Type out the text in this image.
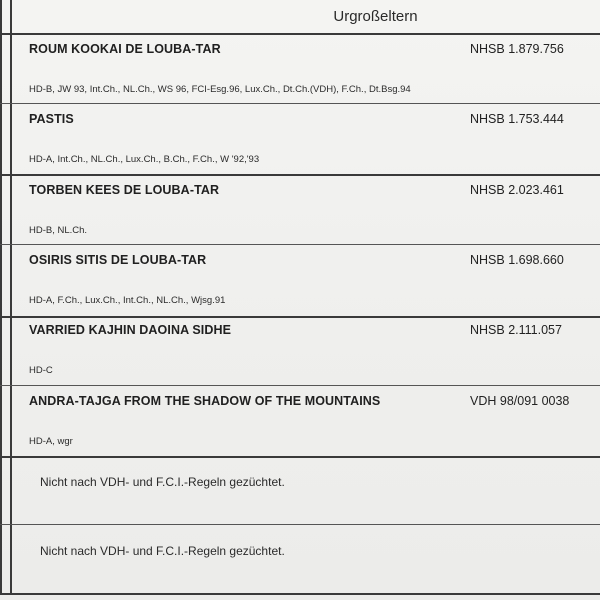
Urgroßeltern
ROUM KOOKAI DE LOUBA-TAR	NHSB 1.879.756
HD-B, JW 93, Int.Ch., NL.Ch., WS 96, FCI-Esg.96, Lux.Ch., Dt.Ch.(VDH), F.Ch., Dt.Bsg.94
PASTIS	NHSB 1.753.444
HD-A, Int.Ch., NL.Ch., Lux.Ch., B.Ch., F.Ch., W '92,'93
TORBEN KEES DE LOUBA-TAR	NHSB 2.023.461
HD-B, NL.Ch.
OSIRIS SITIS DE LOUBA-TAR	NHSB 1.698.660
HD-A, F.Ch., Lux.Ch., Int.Ch., NL.Ch., Wjsg.91
VARRIED KAJHIN DAOINA SIDHE	NHSB 2.111.057
HD-C
ANDRA-TAJGA FROM THE SHADOW OF THE MOUNTAINS	VDH 98/091 0038
HD-A, wgr
Nicht nach VDH- und F.C.I.-Regeln gezüchtet.
Nicht nach VDH- und F.C.I.-Regeln gezüchtet.
